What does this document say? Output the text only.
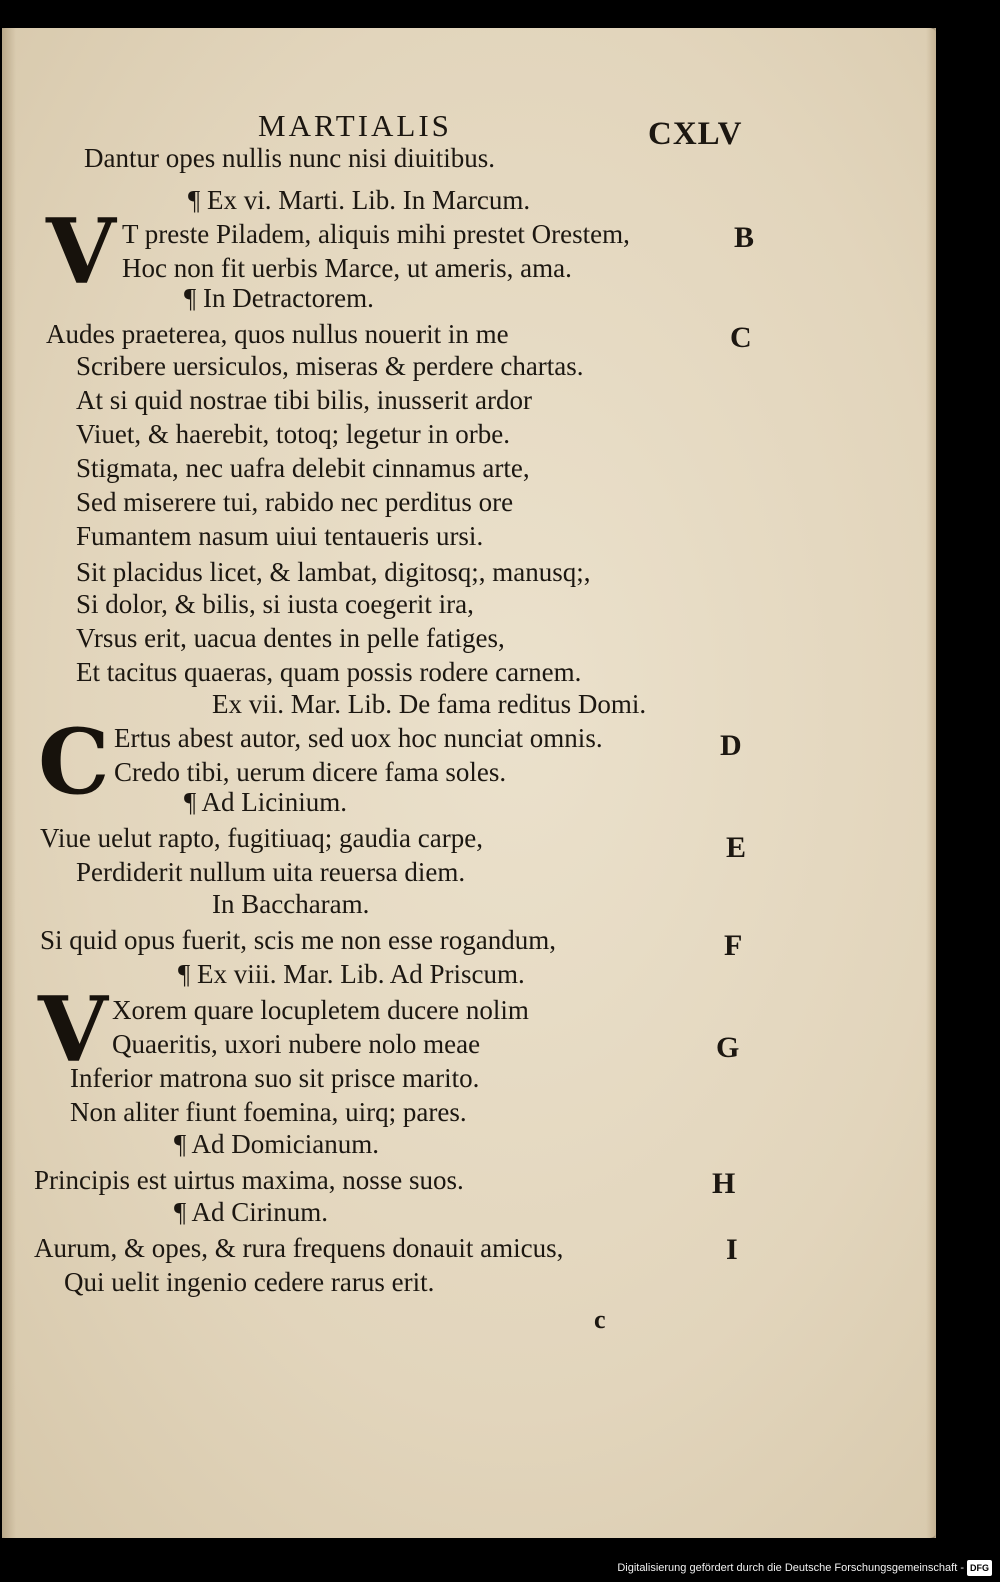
MARTIALIS	CXLV
Dantur opes nullis nunc nisi diuitibus.
¶ Ex vi. Marti. Lib. In Marcum.
V T preste Piladem, aliquis mihi prestet Orestem,
Hoc non fit uerbis Marce, ut ameris, ama.
¶ In Detractorem.
Audes praeterea, quos nullus nouerit in me
Scribere uersiculos, miseras & perdere chartas.
At si quid nostrae tibi bilis, inusserit ardor
Viuet, & haerebit, totoq; legetur in orbe.
Stigmata, nec uafra delebit cinnamus arte,
Sed miserere tui, rabido nec perditus ore
Fumantem nasum uiui tentaueris ursi.
Sit placidus licet, & lambat, digitosq;, manusq;,
Si dolor, & bilis, si iusta coegerit ira,
Vrsus erit, uacua dentes in pelle fatiges,
Et tacitus quaeras, quam possis rodere carnem.
Ex vii. Mar. Lib. De fama reditus Domi.
C Ertus abest autor, sed uox hoc nunciat omnis.
Credo tibi, uerum dicere fama soles.
¶ Ad Licinium.
Viue uelut rapto, fugitiuaq; gaudia carpe,
Perdiderit nullum uita reuersa diem.
In Baccharam.
Si quid opus fuerit, scis me non esse rogandum,
¶ Ex viii. Mar. Lib. Ad Priscum.
V Xorem quare locupletem ducere nolim
Quaeritis, uxori nubere nolo meae
Inferior matrona suo sit prisce marito.
Non aliter fiunt foemina, uirq; pares.
¶ Ad Domicianum.
Principis est uirtus maxima, nosse suos.
¶ Ad Cirinum.
Aurum, & opes, & rura frequens donauit amicus,
Qui uelit ingenio cedere rarus erit.
B
C
D
E
F
G
H
I
c
Digitalisierung gefördert durch die Deutsche Forschungsgemeinschaft - DFG
